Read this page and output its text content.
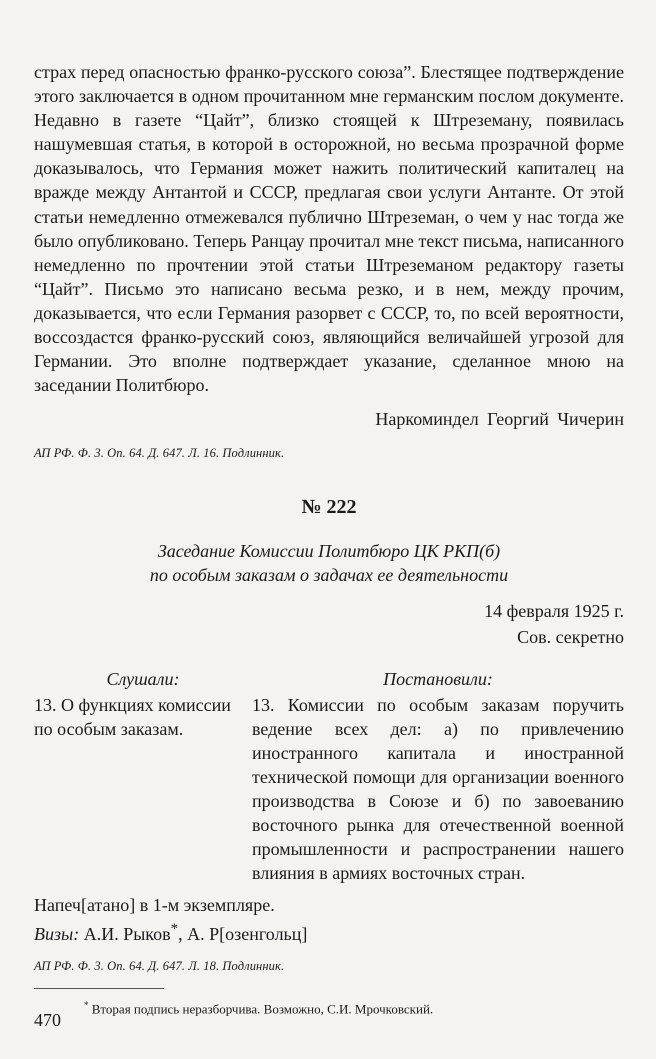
страх перед опасностью франко-русского союза”. Блестящее подтверждение этого заключается в одном прочитанном мне германским послом документе. Недавно в газете “Цайт”, близко стоящей к Штреземану, появилась нашумевшая статья, в которой в осторожной, но весьма прозрачной форме доказывалось, что Германия может нажить политический капиталец на вражде между Антантой и СССР, предлагая свои услуги Антанте. От этой статьи немедленно отмежевался публично Штреземан, о чем у нас тогда же было опубликовано. Теперь Ранцау прочитал мне текст письма, написанного немедленно по прочтении этой статьи Штреземаном редактору газеты “Цайт”. Письмо это написано весьма резко, и в нем, между прочим, доказывается, что если Германия разорвет с СССР, то, по всей вероятности, воссоздастся франко-русский союз, являющийся величайшей угрозой для Германии. Это вполне подтверждает указание, сделанное мною на заседании Политбюро.

Наркоминдел Георгий Чичерин
АП РФ. Ф. 3. Оп. 64. Д. 647. Л. 16. Подлинник.
№ 222
Заседание Комиссии Политбюро ЦК РКП(б)
по особым заказам о задачах ее деятельности
14 февраля 1925 г.
Сов. секретно
Слушали:

13. О функциях комиссии по особым заказам.

Постановили:

13. Комиссии по особым заказам поручить ведение всех дел: а) по привлечению иностранного капитала и иностранной технической помощи для организации военного производства в Союзе и б) по завоеванию восточного рынка для отечественной военной промышленности и распространении нашего влияния в армиях восточных стран.

Напеч[атано] в 1-м экземпляре.
Визы: А.И. Рыков*, А. Р[озенгольц]
АП РФ. Ф. 3. Оп. 64. Д. 647. Л. 18. Подлинник.
* Вторая подпись неразборчива. Возможно, С.И. Мрочковский.
470
